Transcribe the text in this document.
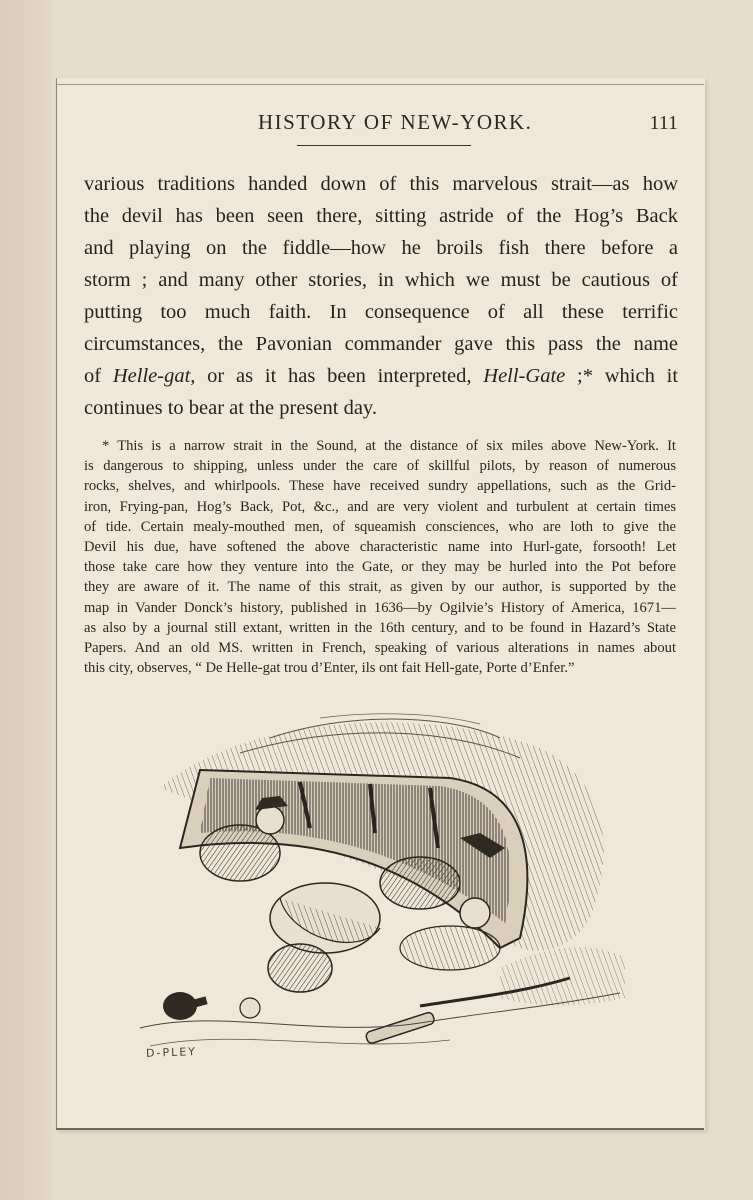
HISTORY OF NEW-YORK.	111
various traditions handed down of this marvelous strait—as how
the devil has been seen there, sitting astride of the Hog’s Back
and playing on the fiddle—how he broils fish there before a
storm ; and many other stories, in which we must be cautious of
putting too much faith. In consequence of all these terrific
circumstances, the Pavonian commander gave this pass the name
of Helle-gat, or as it has been interpreted, Hell-Gate ;* which it
continues to bear at the present day.
* This is a narrow strait in the Sound, at the distance of six miles above New-York. It
is dangerous to shipping, unless under the care of skillful pilots, by reason of numerous
rocks, shelves, and whirlpools. These have received sundry appellations, such as the Grid-
iron, Frying-pan, Hog’s Back, Pot, &c., and are very violent and turbulent at certain times
of tide. Certain mealy-mouthed men, of squeamish consciences, who are loth to give the
Devil his due, have softened the above characteristic name into Hurl-gate, forsooth! Let
those take care how they venture into the Gate, or they may be hurled into the Pot before
they are aware of it. The name of this strait, as given by our author, is supported by the
map in Vander Donck’s history, published in 1636—by Ogilvie’s History of America, 1671—
as also by a journal still extant, written in the 16th century, and to be found in Hazard’s State
Papers. And an old MS. written in French, speaking of various alterations in names about
this city, observes, “ De Helle-gat trou d’Enter, ils ont fait Hell-gate, Porte d’Enfer.”
D-PLEY
